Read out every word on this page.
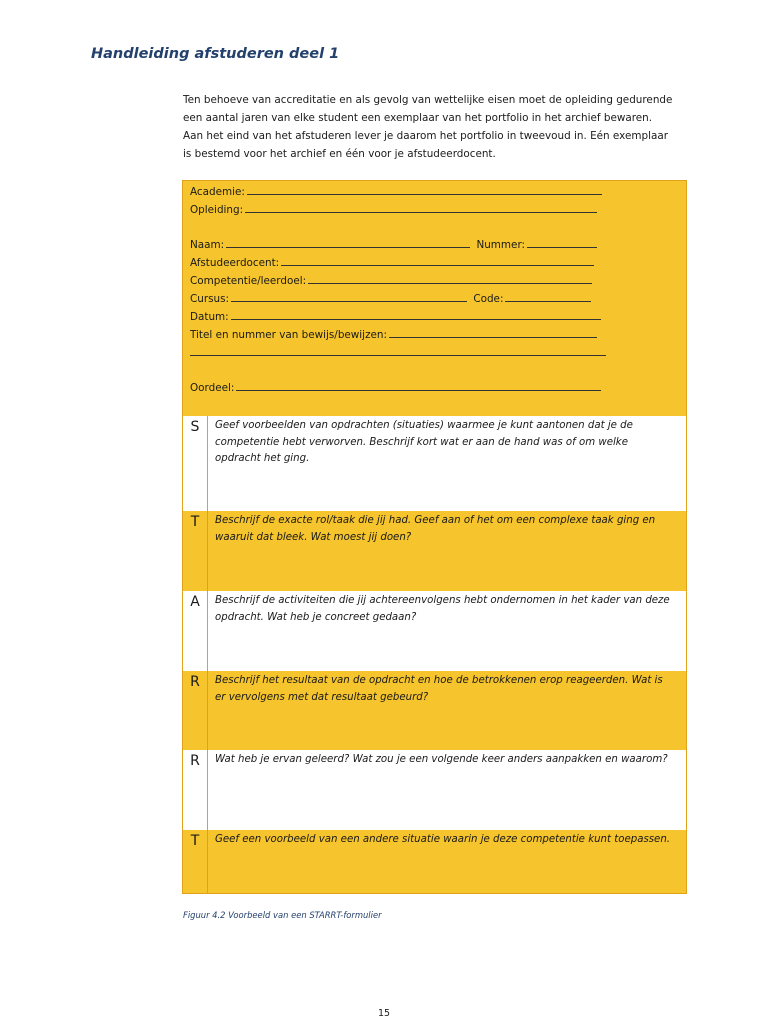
Handleiding afstuderen deel 1
Ten behoeve van accreditatie en als gevolg van wettelijke eisen moet de opleiding gedurende
een aantal jaren van elke student een exemplaar van het portfolio in het archief bewaren.
Aan het eind van het afstuderen lever je daarom het portfolio in tweevoud in. Eén exemplaar
is bestemd voor het archief en één voor je afstudeerdocent.
Academie:
Opleiding:
Naam:	Nummer:
Afstudeerdocent:
Competentie/leerdoel:
Cursus:	Code:
Datum:
Titel en nummer van bewijs/bewijzen:
Oordeel:
S	Geef voorbeelden van opdrachten (situaties) waarmee je kunt aantonen dat je de
competentie hebt verworven. Beschrijf kort wat er aan de hand was of om welke
opdracht het ging.
T	Beschrijf de exacte rol/taak die jij had. Geef aan of het om een complexe taak ging en
waaruit dat bleek. Wat moest jij doen?
A	Beschrijf de activiteiten die jij achtereenvolgens hebt ondernomen in het kader van deze
opdracht. Wat heb je concreet gedaan?
R	Beschrijf het resultaat van de opdracht en hoe de betrokkenen erop reageerden. Wat is
er vervolgens met dat resultaat gebeurd?
R	Wat heb je ervan geleerd? Wat zou je een volgende keer anders aanpakken en waarom?
T	Geef een voorbeeld van een andere situatie waarin je deze competentie kunt toepassen.
Figuur 4.2 Voorbeeld van een STARRT-formulier
15
